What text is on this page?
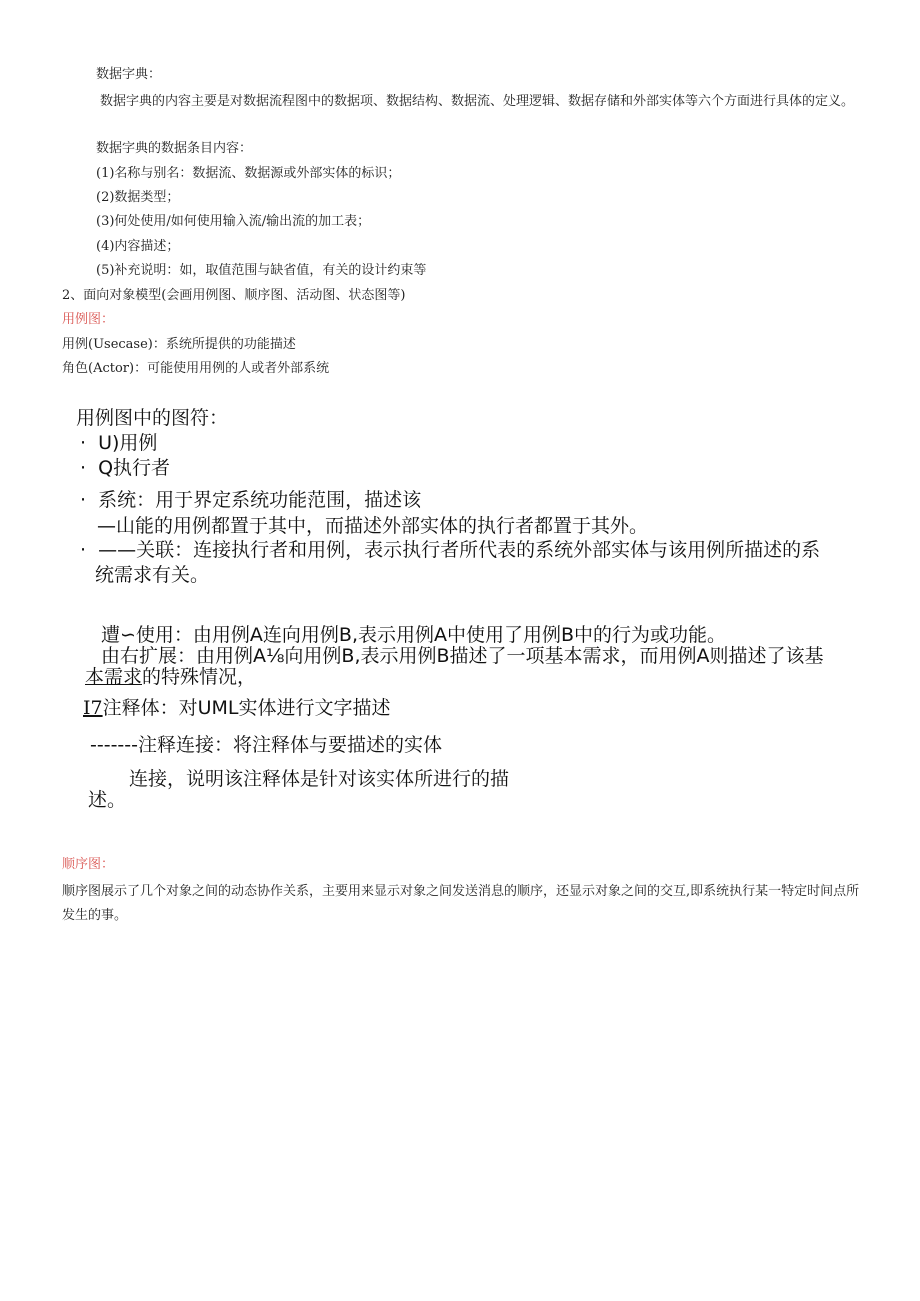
数据字典：
数据字典的内容主要是对数据流程图中的数据项、数据结构、数据流、处理逻辑、数据存储和外部实体等六个方面进行具体的定义。
数据字典的数据条目内容：
(1)名称与别名：数据流、数据源或外部实体的标识；
(2)数据类型；
(3)何处使用/如何使用输入流/输出流的加工表；
(4)内容描述；
(5)补充说明：如，取值范围与缺省值，有关的设计约束等
2、面向对象模型(会画用例图、顺序图、活动图、状态图等)
用例图：
用例(Usecase)：系统所提供的功能描述
角色(Actor)：可能使用用例的人或者外部系统
用例图中的图符：
· U)用例
· Q执行者
· 系统：用于界定系统功能范围，描述该
—山能的用例都置于其中，而描述外部实体的执行者都置于其外。
· ——关联：连接执行者和用例，表示执行者所代表的系统外部实体与该用例所描述的系
统需求有关。
遭∽使用：由用例A连向用例B,表示用例A中使用了用例B中的行为或功能。
由右扩展：由用例A⅛向用例B,表示用例B描述了一项基本需求，而用例A则描述了该基
本需求的特殊情况，
I7注释体：对UML实体进行文字描述
-------注释连接：将注释体与要描述的实体
连接，说明该注释体是针对该实体所进行的描
述。
顺序图：
顺序图展示了几个对象之间的动态协作关系，主要用来显示对象之间发送消息的顺序，还显示对象之间的交互,即系统执行某一特定时间点所发生的事。
